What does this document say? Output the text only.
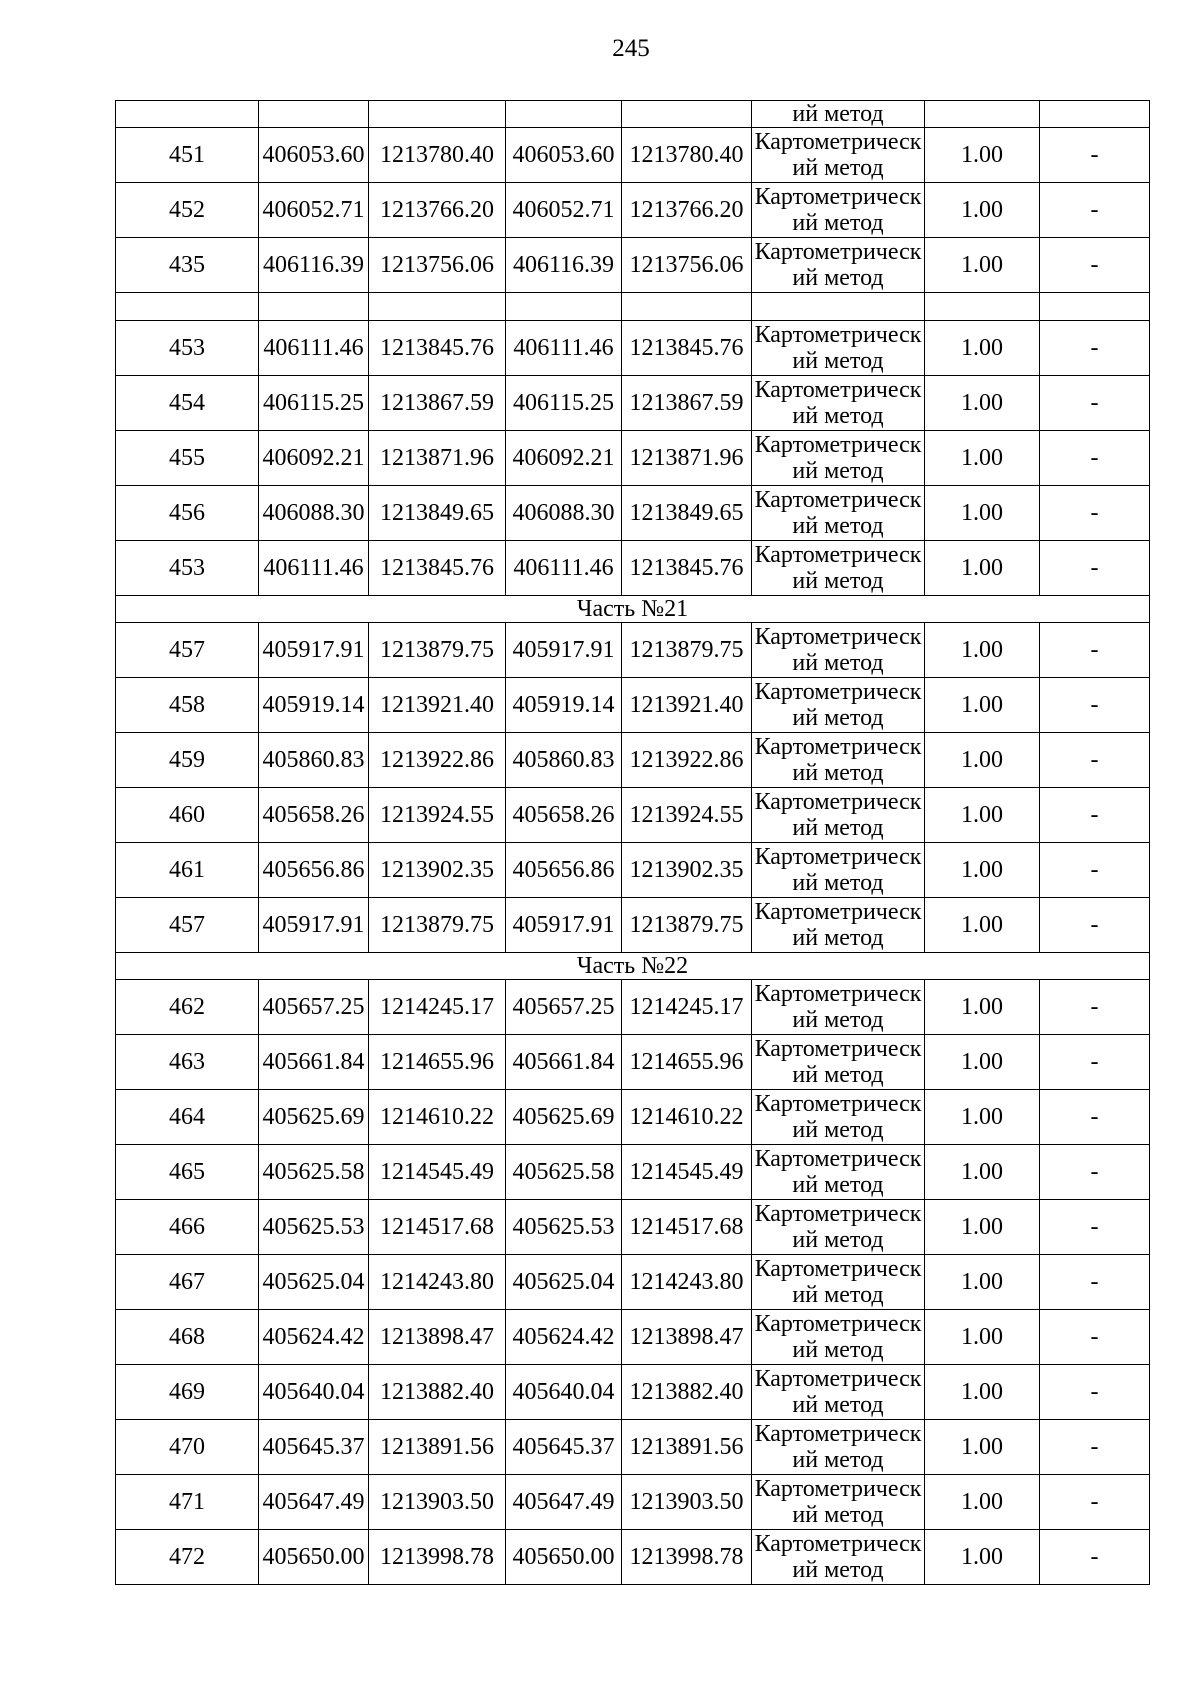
245
					ий метод		
451	406053.60	1213780.40	406053.60	1213780.40	Картометрическ
ий метод	1.00	-
452	406052.71	1213766.20	406052.71	1213766.20	Картометрическ
ий метод	1.00	-
435	406116.39	1213756.06	406116.39	1213756.06	Картометрическ
ий метод	1.00	-

453	406111.46	1213845.76	406111.46	1213845.76	Картометрическ
ий метод	1.00	-
454	406115.25	1213867.59	406115.25	1213867.59	Картометрическ
ий метод	1.00	-
455	406092.21	1213871.96	406092.21	1213871.96	Картометрическ
ий метод	1.00	-
456	406088.30	1213849.65	406088.30	1213849.65	Картометрическ
ий метод	1.00	-
453	406111.46	1213845.76	406111.46	1213845.76	Картометрическ
ий метод	1.00	-
Часть №21							
457	405917.91	1213879.75	405917.91	1213879.75	Картометрическ
ий метод	1.00	-
458	405919.14	1213921.40	405919.14	1213921.40	Картометрическ
ий метод	1.00	-
459	405860.83	1213922.86	405860.83	1213922.86	Картометрическ
ий метод	1.00	-
460	405658.26	1213924.55	405658.26	1213924.55	Картометрическ
ий метод	1.00	-
461	405656.86	1213902.35	405656.86	1213902.35	Картометрическ
ий метод	1.00	-
457	405917.91	1213879.75	405917.91	1213879.75	Картометрическ
ий метод	1.00	-
Часть №22							
462	405657.25	1214245.17	405657.25	1214245.17	Картометрическ
ий метод	1.00	-
463	405661.84	1214655.96	405661.84	1214655.96	Картометрическ
ий метод	1.00	-
464	405625.69	1214610.22	405625.69	1214610.22	Картометрическ
ий метод	1.00	-
465	405625.58	1214545.49	405625.58	1214545.49	Картометрическ
ий метод	1.00	-
466	405625.53	1214517.68	405625.53	1214517.68	Картометрическ
ий метод	1.00	-
467	405625.04	1214243.80	405625.04	1214243.80	Картометрическ
ий метод	1.00	-
468	405624.42	1213898.47	405624.42	1213898.47	Картометрическ
ий метод	1.00	-
469	405640.04	1213882.40	405640.04	1213882.40	Картометрическ
ий метод	1.00	-
470	405645.37	1213891.56	405645.37	1213891.56	Картометрическ
ий метод	1.00	-
471	405647.49	1213903.50	405647.49	1213903.50	Картометрическ
ий метод	1.00	-
472	405650.00	1213998.78	405650.00	1213998.78	Картометрическ
ий метод	1.00	-
